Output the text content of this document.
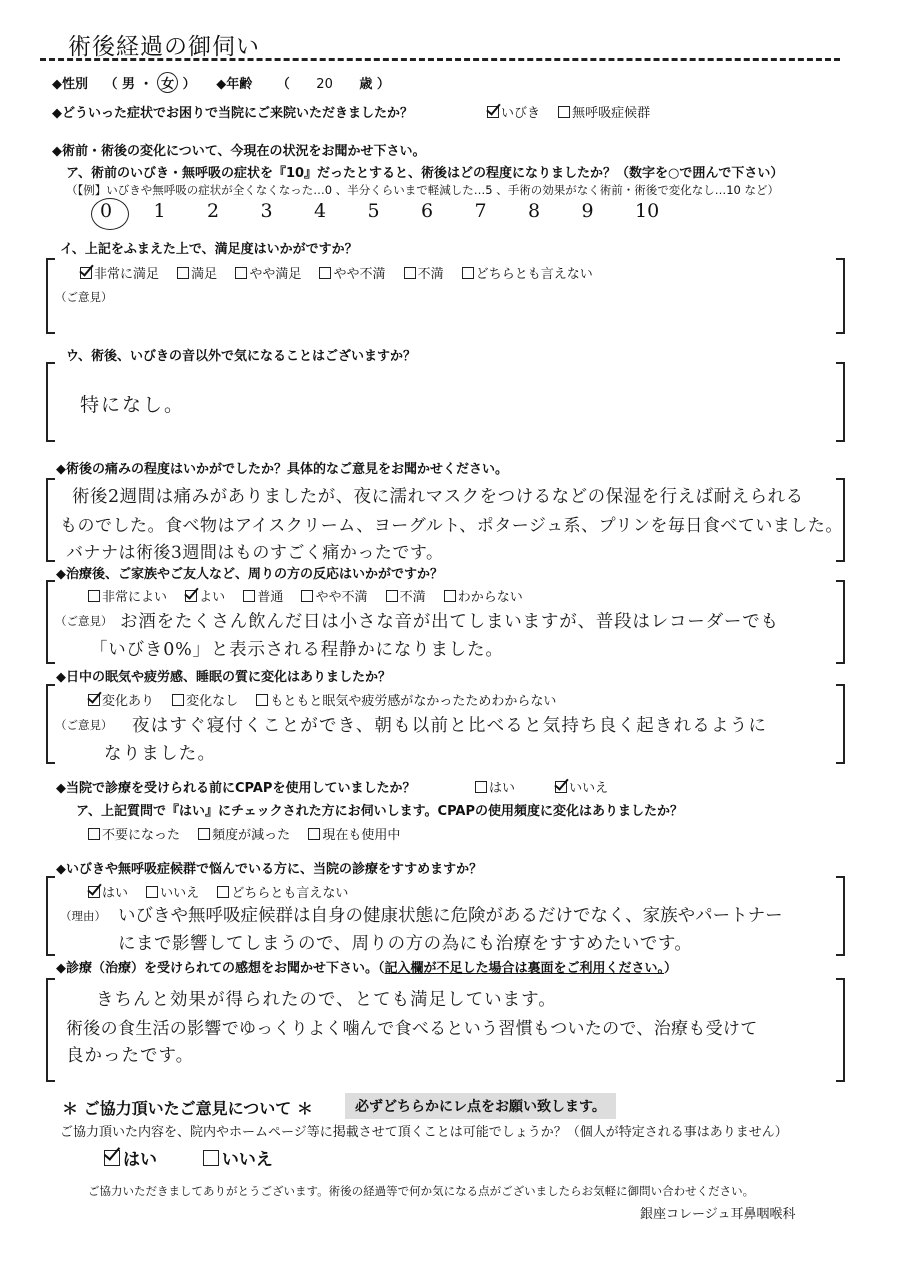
術後経過の御伺い
◆性別 （ 男 ・ 女 ） ◆年齢 （ 20 歳 ）
◆どういった症状でお困りで当院にご来院いただきましたか？	いびき 無呼吸症候群
◆術前・術後の変化について、今現在の状況をお聞かせ下さい。
ア、術前のいびき・無呼吸の症状を『10』だったとすると、術後はどの程度になりましたか？（数字を○で囲んで下さい）
（【例】いびきや無呼吸の症状が全くなくなった…0 、半分くらいまで軽減した…5 、手術の効果がなく術前・術後で変化なし…10 など）
0 1 2 3 4 5 6 7 8 9 10
イ、上記をふまえた上で、満足度はいかがですか？
非常に満足 満足 やや満足 やや不満 不満 どちらとも言えない
（ご意見）
ウ、術後、いびきの音以外で気になることはございますか？
特になし。
◆術後の痛みの程度はいかがでしたか？具体的なご意見をお聞かせください。
術後2週間は痛みがありましたが、夜に濡れマスクをつけるなどの保湿を行えば耐えられる
ものでした。食べ物はアイスクリーム、ヨーグルト、ポタージュ系、プリンを毎日食べていました。
バナナは術後3週間はものすごく痛かったです。
◆治療後、ご家族やご友人など、周りの方の反応はいかがですか？
非常によい よい 普通 やや不満 不満 わからない
（ご意見） お酒をたくさん飲んだ日は小さな音が出てしまいますが、普段はレコーダーでも
「いびき0%」と表示される程静かになりました。
◆日中の眠気や疲労感、睡眠の質に変化はありましたか？
変化あり 変化なし もともと眠気や疲労感がなかったためわからない
（ご意見） 夜はすぐ寝付くことができ、朝も以前と比べると気持ち良く起きれるように
なりました。
◆当院で診療を受けられる前にCPAPを使用していましたか？	はい	いいえ
ア、上記質問で『はい』にチェックされた方にお伺いします。CPAPの使用頻度に変化はありましたか？
不要になった 頻度が減った 現在も使用中
◆いびきや無呼吸症候群で悩んでいる方に、当院の診療をすすめますか？
はい いいえ どちらとも言えない
（理由） いびきや無呼吸症候群は自身の健康状態に危険があるだけでなく、家族やパートナー
にまで影響してしまうので、周りの方の為にも治療をすすめたいです。
◆診療（治療）を受けられての感想をお聞かせ下さい。（記入欄が不足した場合は裏面をご利用ください。）
きちんと効果が得られたので、とても満足しています。
術後の食生活の影響でゆっくりよく噛んで食べるという習慣もついたので、治療も受けて
良かったです。
＊ ご協力頂いたご意見について ＊	必ずどちらかにレ点をお願い致します。
ご協力頂いた内容を、院内やホームページ等に掲載させて頂くことは可能でしょうか？（個人が特定される事はありません）
はい	いいえ
ご協力いただきましてありがとうございます。術後の経過等で何か気になる点がございましたらお気軽に御問い合わせください。
銀座コレージュ耳鼻咽喉科
